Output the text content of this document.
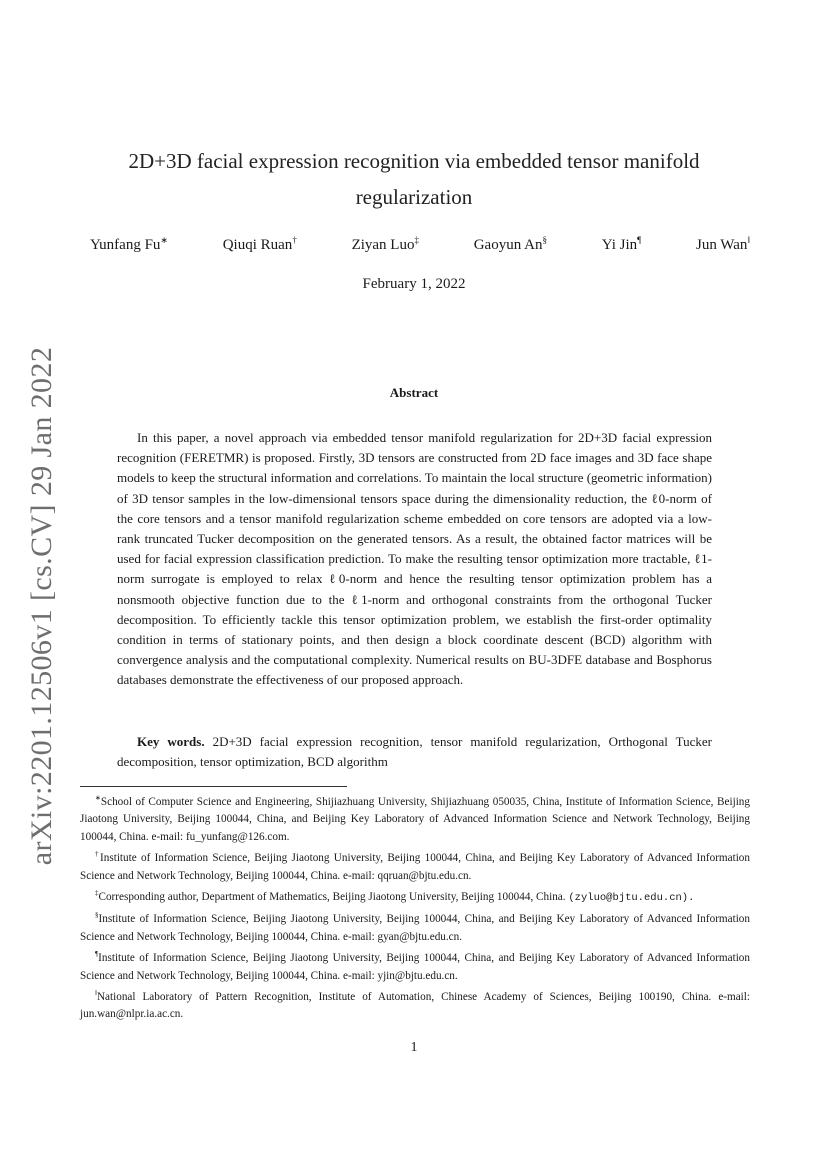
arXiv:2201.12506v1 [cs.CV] 29 Jan 2022
2D+3D facial expression recognition via embedded tensor manifold regularization
Yunfang Fu∗	Qiuqi Ruan†	Ziyan Luo‡	Gaoyun An§	Yi Jin¶	Jun Wan‖
February 1, 2022
Abstract

In this paper, a novel approach via embedded tensor manifold regularization for 2D+3D facial expression recognition (FERETMR) is proposed. Firstly, 3D tensors are constructed from 2D face images and 3D face shape models to keep the structural information and correlations. To maintain the local structure (geometric information) of 3D tensor samples in the low-dimensional tensors space during the dimensionality reduction, the ℓ0-norm of the core tensors and a tensor manifold regularization scheme embedded on core tensors are adopted via a low-rank truncated Tucker decomposition on the generated tensors. As a result, the obtained factor matrices will be used for facial expression classification prediction. To make the resulting tensor optimization more tractable, ℓ1-norm surrogate is employed to relax ℓ0-norm and hence the resulting tensor optimization problem has a nonsmooth objective function due to the ℓ1-norm and orthogonal constraints from the orthogonal Tucker decomposition. To efficiently tackle this tensor optimization problem, we establish the first-order optimality condition in terms of stationary points, and then design a block coordinate descent (BCD) algorithm with convergence analysis and the computational complexity. Numerical results on BU-3DFE database and Bosphorus databases demonstrate the effectiveness of our proposed approach.

Key words. 2D+3D facial expression recognition, tensor manifold regularization, Orthogonal Tucker decomposition, tensor optimization, BCD algorithm

∗School of Computer Science and Engineering, Shijiazhuang University, Shijiazhuang 050035, China, Institute of Information Science, Beijing Jiaotong University, Beijing 100044, China, and Beijing Key Laboratory of Advanced Information Science and Network Technology, Beijing 100044, China. e-mail: fu_yunfang@126.com.

†Institute of Information Science, Beijing Jiaotong University, Beijing 100044, China, and Beijing Key Laboratory of Advanced Information Science and Network Technology, Beijing 100044, China. e-mail: qqruan@bjtu.edu.cn.

‡Corresponding author, Department of Mathematics, Beijing Jiaotong University, Beijing 100044, China. (zyluo@bjtu.edu.cn).

§Institute of Information Science, Beijing Jiaotong University, Beijing 100044, China, and Beijing Key Laboratory of Advanced Information Science and Network Technology, Beijing 100044, China. e-mail: gyan@bjtu.edu.cn.

¶Institute of Information Science, Beijing Jiaotong University, Beijing 100044, China, and Beijing Key Laboratory of Advanced Information Science and Network Technology, Beijing 100044, China. e-mail: yjin@bjtu.edu.cn.

‖National Laboratory of Pattern Recognition, Institute of Automation, Chinese Academy of Sciences, Beijing 100190, China. e-mail: jun.wan@nlpr.ia.ac.cn.

1
